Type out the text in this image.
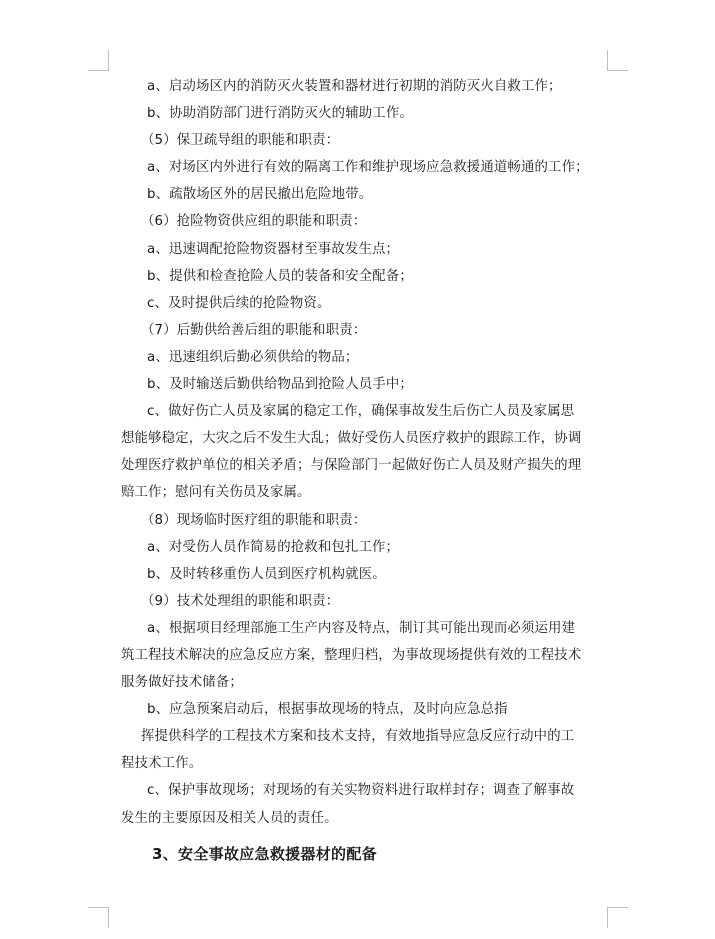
a、启动场区内的消防灭火装置和器材进行初期的消防灭火自救工作；
b、协助消防部门进行消防灭火的辅助工作。
（5）保卫疏导组的职能和职责：
a、对场区内外进行有效的隔离工作和维护现场应急救援通道畅通的工作；
b、疏散场区外的居民撤出危险地带。
（6）抢险物资供应组的职能和职责：
a、迅速调配抢险物资器材至事故发生点；
b、提供和检查抢险人员的装备和安全配备；
c、及时提供后续的抢险物资。
（7）后勤供给善后组的职能和职责：
a、迅速组织后勤必须供给的物品；
b、及时输送后勤供给物品到抢险人员手中；
c、做好伤亡人员及家属的稳定工作，确保事故发生后伤亡人员及家属思
想能够稳定，大灾之后不发生大乱；做好受伤人员医疗救护的跟踪工作，协调
处理医疗救护单位的相关矛盾；与保险部门一起做好伤亡人员及财产损失的理
赔工作；慰问有关伤员及家属。
（8）现场临时医疗组的职能和职责：
a、对受伤人员作简易的抢救和包扎工作；
b、及时转移重伤人员到医疗机构就医。
（9）技术处理组的职能和职责：
a、根据项目经理部施工生产内容及特点，制订其可能出现而必须运用建
筑工程技术解决的应急反应方案，整理归档，为事故现场提供有效的工程技术
服务做好技术储备；
b、应急预案启动后，根据事故现场的特点，及时向应急总指
挥提供科学的工程技术方案和技术支持，有效地指导应急反应行动中的工
程技术工作。
c、保护事故现场；对现场的有关实物资料进行取样封存；调查了解事故
发生的主要原因及相关人员的责任。
3、安全事故应急救援器材的配备
